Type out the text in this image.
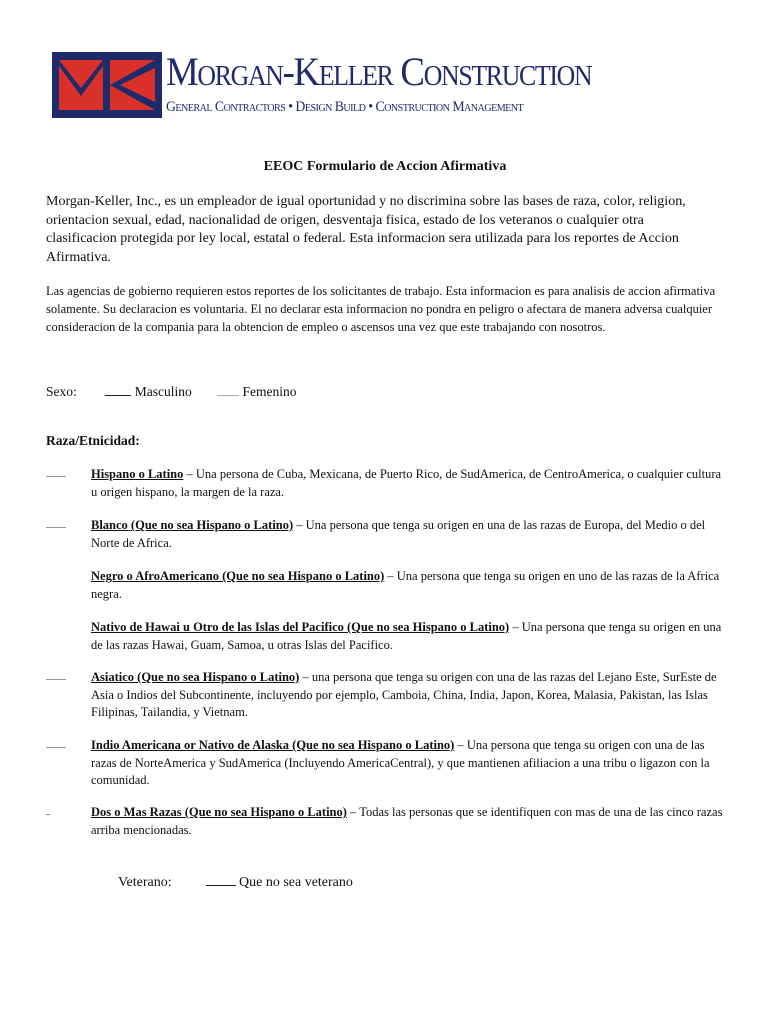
Morgan-Keller Construction
General Contractors • Design Build • Construction Management
EEOC Formulario de Accion Afirmativa
Morgan-Keller, Inc., es un empleador de igual oportunidad y no discrimina sobre las bases de raza, color, religion, orientacion sexual, edad, nacionalidad de origen, desventaja fisica, estado de los veteranos o cualquier otra clasificacion protegida por ley local, estatal o federal. Esta informacion sera utilizada para los reportes de Accion Afirmativa.
Las agencias de gobierno requieren estos reportes de los solicitantes de trabajo. Esta informacion es para analisis de accion afirmativa solamente. Su declaracion es voluntaria. El no declarar esta informacion no pondra en peligro o afectara de manera adversa cualquier consideracion de la compania para la obtencion de empleo o ascensos una vez que este trabajando con nosotros.
Sexo:	Masculino	Femenino
Raza/Etnicidad:
Hispano o Latino – Una persona de Cuba, Mexicana, de Puerto Rico, de SudAmerica, de CentroAmerica, o cualquier cultura u origen hispano, la margen de la raza.
Blanco (Que no sea Hispano o Latino) – Una persona que tenga su origen en una de las razas de Europa, del Medio o del Norte de Africa.
Negro o AfroAmericano (Que no sea Hispano o Latino) – Una persona que tenga su origen en uno de las razas de la Africa negra.
Nativo de Hawai u Otro de las Islas del Pacifico (Que no sea Hispano o Latino) – Una persona que tenga su origen en una de las razas Hawai, Guam, Samoa, u otras Islas del Pacifico.
Asiatico (Que no sea Hispano o Latino) – una persona que tenga su origen con una de las razas del Lejano Este, SurEste de Asia o Indios del Subcontinente, incluyendo por ejemplo, Camboia, China, India, Japon, Korea, Malasia, Pakistan, las Islas Filipinas, Tailandia, y Vietnam.
Indio Americana or Nativo de Alaska (Que no sea Hispano o Latino) – Una persona que tenga su origen con una de las razas de NorteAmerica y SudAmerica (Incluyendo AmericaCentral), y que mantienen afiliacion a una tribu o ligazon con la comunidad.
Dos o Mas Razas (Que no sea Hispano o Latino) – Todas las personas que se identifiquen con mas de una de las cinco razas arriba mencionadas.
Veterano:	Que no sea veterano
